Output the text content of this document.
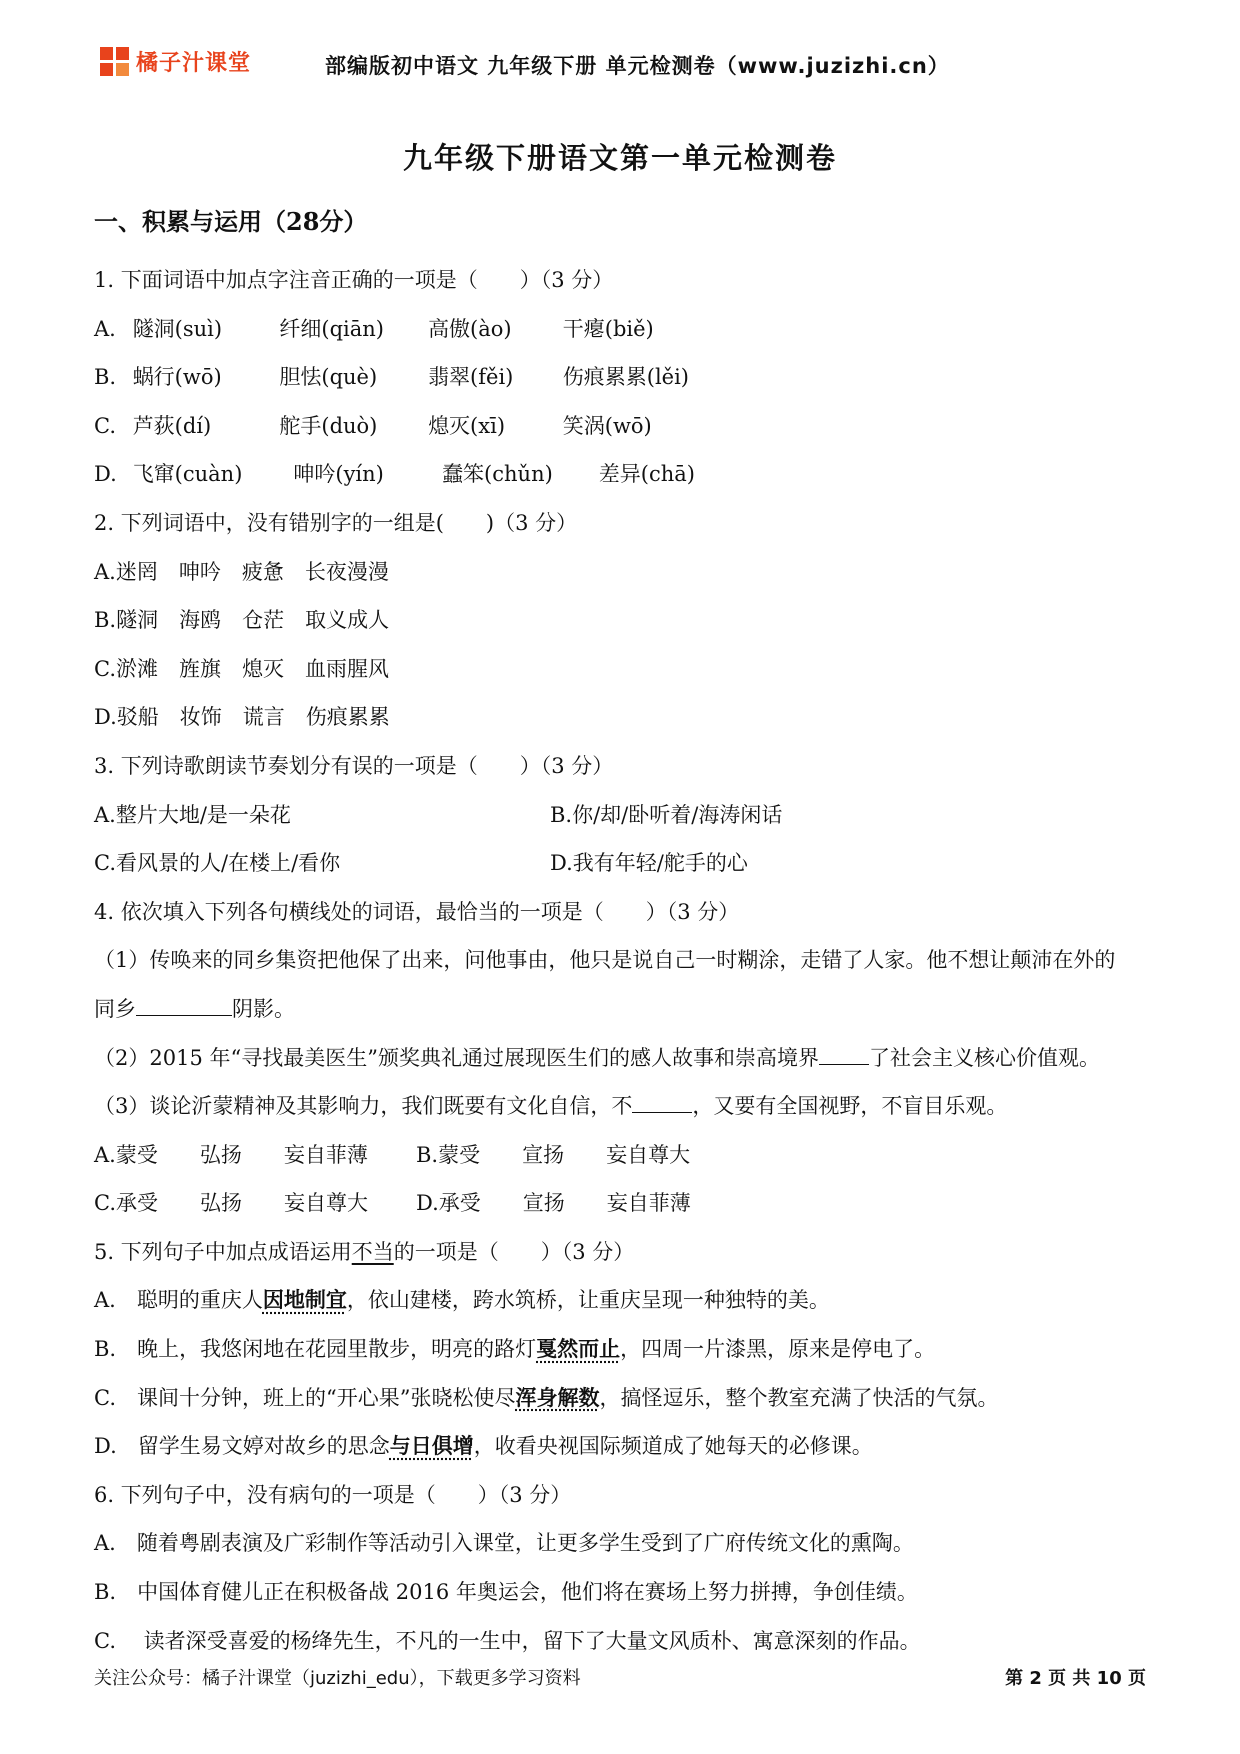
橘子汁课堂	部编版初中语文 九年级下册 单元检测卷（www.juzizhi.cn）
九年级下册语文第一单元检测卷
一、积累与运用（28分）
1. 下面词语中加点字注音正确的一项是（　　）（3 分）
A. 隧洞(suì)	纤细(qiān) 高傲(ào) 干瘪(biě)
B. 蜗行(wō)	胆怯(què) 翡翠(fěi) 伤痕累累(lěi)
C. 芦荻(dí)	舵手(duò) 熄灭(xī)	笑涡(wō)
D. 飞窜(cuàn) 呻吟(yín)	蠢笨(chǔn) 差异(chā)
2. 下列词语中，没有错别字的一组是(　　)（3 分）
A.迷罔　呻吟　疲惫　长夜漫漫
B.隧洞　海鸥　仓茫　取义成人
C.淤滩　旌旗　熄灭　血雨腥风
D.驳船　妆饰　谎言　伤痕累累
3. 下列诗歌朗读节奏划分有误的一项是（　　）（3 分）
A.整片大地/是一朵花	B.你/却/卧听着/海涛闲话
C.看风景的人/在楼上/看你	D.我有年轻/舵手的心
4. 依次填入下列各句横线处的词语，最恰当的一项是（　　）（3 分）
（1）传唤来的同乡集资把他保了出来，问他事由，他只是说自己一时糊涂，走错了人家。他不想让颠沛在外的
同乡	阴影。
（2）2015 年“寻找最美医生”颁奖典礼通过展现医生们的感人故事和崇高境界 了社会主义核心价值观。
（3）谈论沂蒙精神及其影响力，我们既要有文化自信，不	，又要有全国视野，不盲目乐观。
A.蒙受　　弘扬　　妄自菲薄	B.蒙受　　宣扬　　妄自尊大
C.承受　　弘扬　　妄自尊大	D.承受　　宣扬　　妄自菲薄
5. 下列句子中加点成语运用不当的一项是（　　）（3 分）
A.　聪明的重庆人因地制宜，依山建楼，跨水筑桥，让重庆呈现一种独特的美。
B.　晚上，我悠闲地在花园里散步，明亮的路灯戛然而止，四周一片漆黑，原来是停电了。
C.　课间十分钟，班上的“开心果”张晓松使尽浑身解数，搞怪逗乐，整个教室充满了快活的气氛。
D.　留学生易文婷对故乡的思念与日俱增，收看央视国际频道成了她每天的必修课。
6. 下列句子中，没有病句的一项是（　　）（3 分）
A.　随着粤剧表演及广彩制作等活动引入课堂，让更多学生受到了广府传统文化的熏陶。
B.　中国体育健儿正在积极备战 2016 年奥运会，他们将在赛场上努力拼搏，争创佳绩。
C.　 读者深受喜爱的杨绛先生，不凡的一生中，留下了大量文风质朴、寓意深刻的作品。
关注公众号：橘子汁课堂（juzizhi_edu），下载更多学习资料	第 2 页 共 10 页
